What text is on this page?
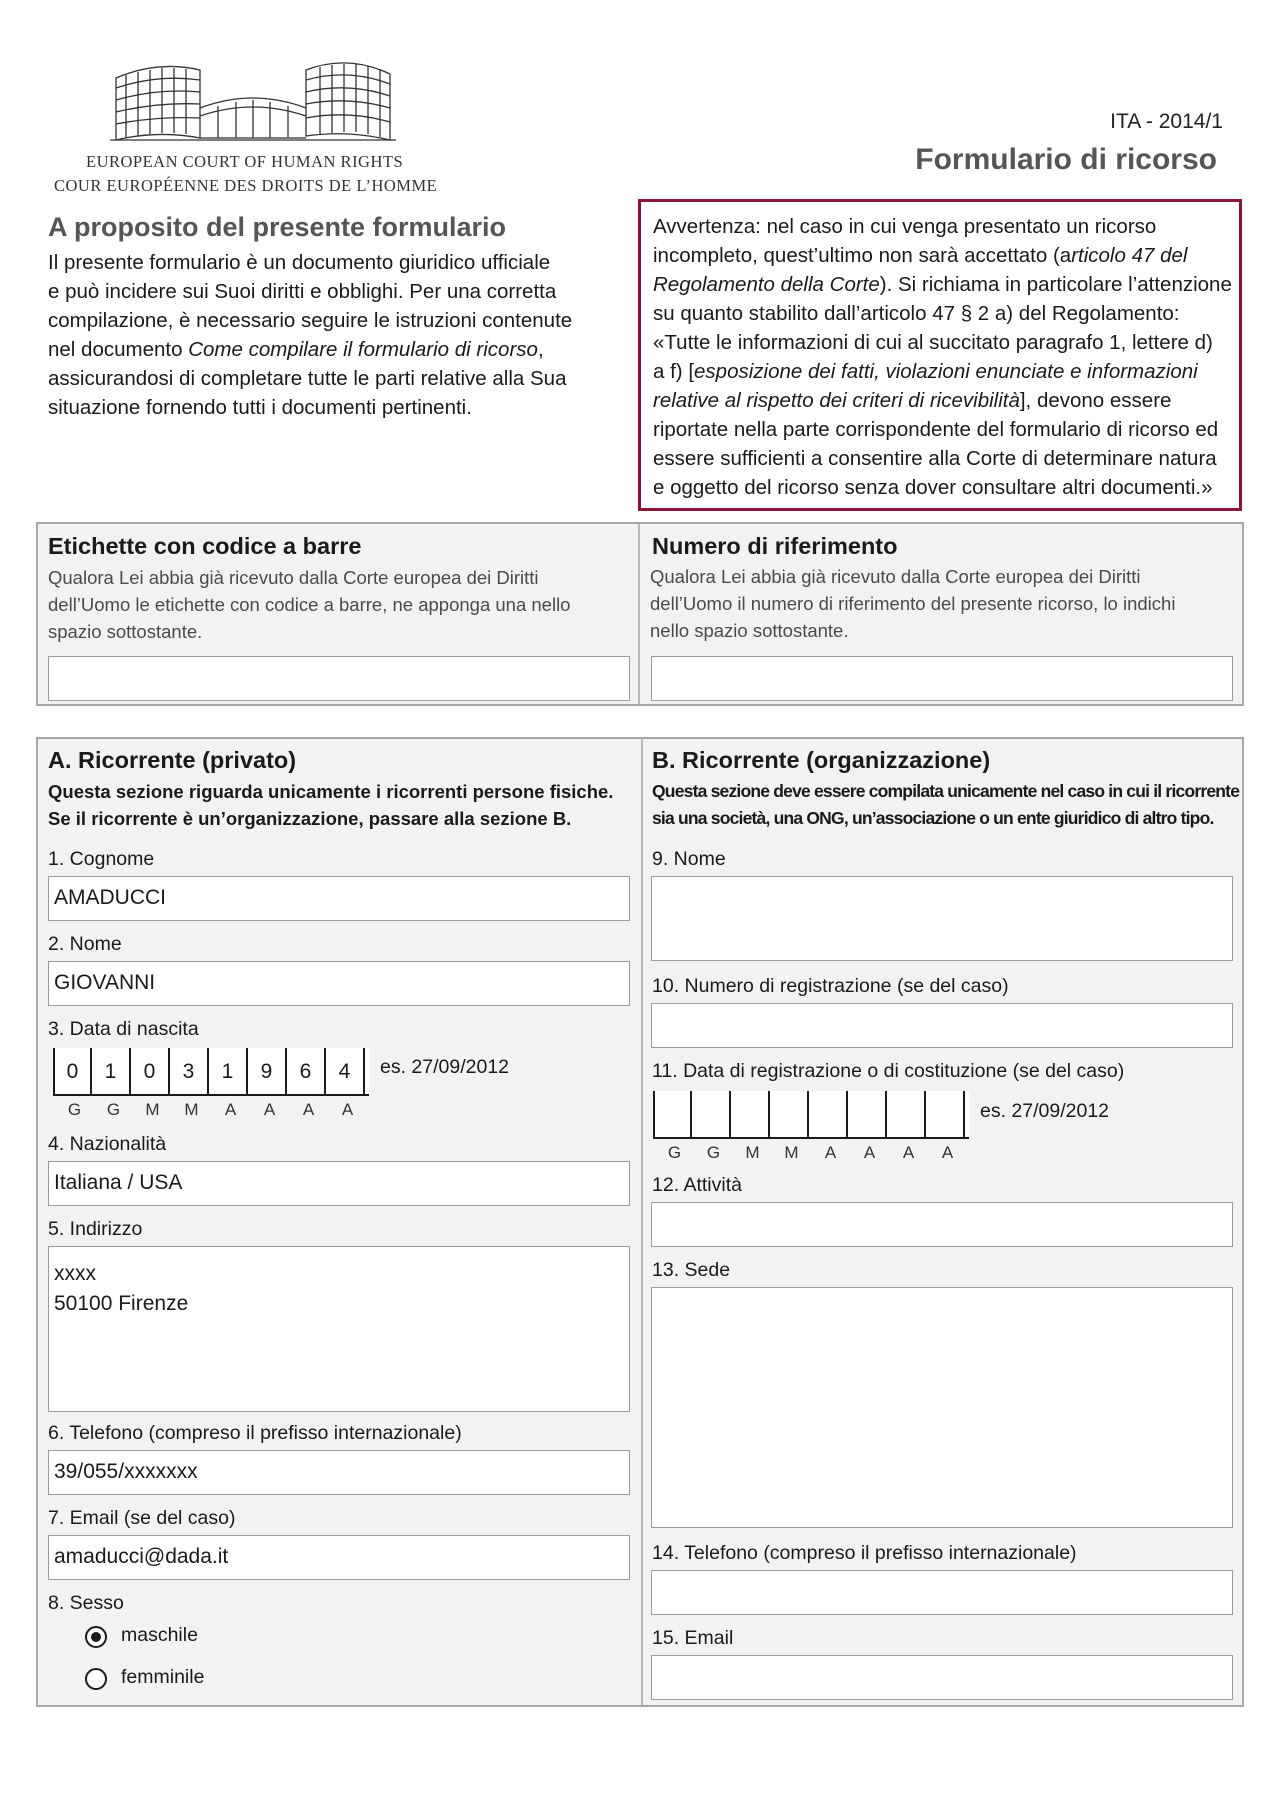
EUROPEAN COURT OF HUMAN RIGHTS
COUR EUROPÉENNE DES DROITS DE L’HOMME
ITA - 2014/1
Formulario di ricorso
A proposito del presente formulario
Il presente formulario è un documento giuridico ufficiale
e può incidere sui Suoi diritti e obblighi. Per una corretta
compilazione, è necessario seguire le istruzioni contenute
nel documento Come compilare il formulario di ricorso,
assicurandosi di completare tutte le parti relative alla Sua
situazione fornendo tutti i documenti pertinenti.
Avvertenza: nel caso in cui venga presentato un ricorso
incompleto, quest’ultimo non sarà accettato (articolo 47 del
Regolamento della Corte). Si richiama in particolare l’attenzione
su quanto stabilito dall’articolo 47 § 2 a) del Regolamento:
«Tutte le informazioni di cui al succitato paragrafo 1, lettere d)
a f) [esposizione dei fatti, violazioni enunciate e informazioni
relative al rispetto dei criteri di ricevibilità], devono essere
riportate nella parte corrispondente del formulario di ricorso ed
essere sufficienti a consentire alla Corte di determinare natura
e oggetto del ricorso senza dover consultare altri documenti.»
Etichette con codice a barre
Qualora Lei abbia già ricevuto dalla Corte europea dei Diritti
dell’Uomo le etichette con codice a barre, ne apponga una nello
spazio sottostante.
Numero di riferimento
Qualora Lei abbia già ricevuto dalla Corte europea dei Diritti
dell’Uomo il numero di riferimento del presente ricorso, lo indichi
nello spazio sottostante.
A. Ricorrente (privato)
Questa sezione riguarda unicamente i ricorrenti persone fisiche.
Se il ricorrente è un’organizzazione, passare alla sezione B.
1. Cognome
AMADUCCI
2. Nome
GIOVANNI
3. Data di nascita
0	1	0	3	1	9	6	4	es. 27/09/2012
G	G	M	M	A	A	A	A
4. Nazionalità
Italiana / USA
5. Indirizzo
xxxx
50100 Firenze
6. Telefono (compreso il prefisso internazionale)
39/055/xxxxxxx
7. Email (se del caso)
amaducci@dada.it
8. Sesso
maschile
femminile
B. Ricorrente (organizzazione)
Questa sezione deve essere compilata unicamente nel caso in cui il ricorrente
sia una società, una ONG, un’associazione o un ente giuridico di altro tipo.
9. Nome
10. Numero di registrazione (se del caso)
11. Data di registrazione o di costituzione (se del caso)
es. 27/09/2012
G	G	M	M	A	A	A	A
12. Attività
13. Sede
14. Telefono (compreso il prefisso internazionale)
15. Email
